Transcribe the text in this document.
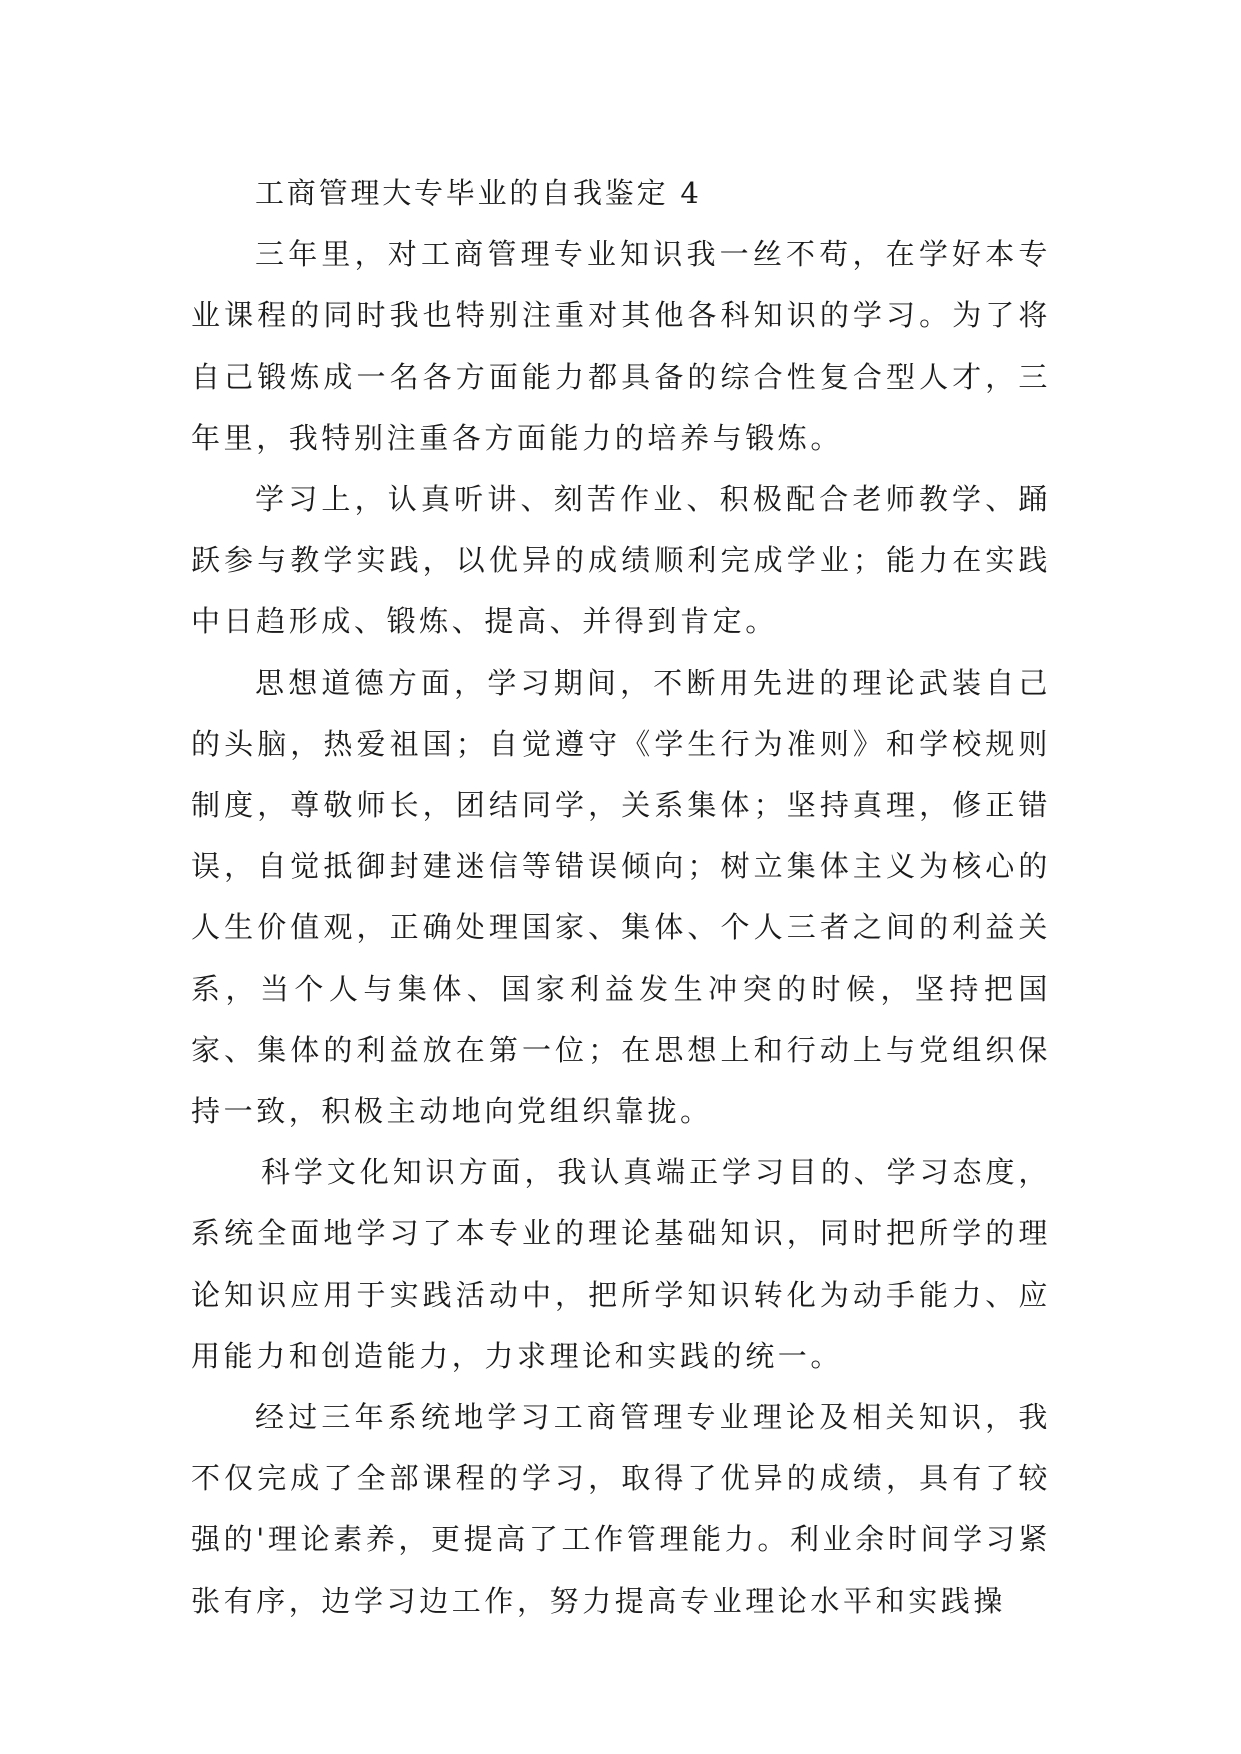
工商管理大专毕业的自我鉴定 4

三年里，对工商管理专业知识我一丝不苟，在学好本专业课程的同时我也特别注重对其他各科知识的学习。为了将自己锻炼成一名各方面能力都具备的综合性复合型人才，三年里，我特别注重各方面能力的培养与锻炼。

学习上，认真听讲、刻苦作业、积极配合老师教学、踊跃参与教学实践，以优异的成绩顺利完成学业；能力在实践中日趋形成、锻炼、提高、并得到肯定。

思想道德方面，学习期间，不断用先进的理论武装自己的头脑，热爱祖国；自觉遵守《学生行为准则》和学校规则制度，尊敬师长，团结同学，关系集体；坚持真理，修正错误，自觉抵御封建迷信等错误倾向；树立集体主义为核心的人生价值观，正确处理国家、集体、个人三者之间的利益关系，当个人与集体、国家利益发生冲突的时候，坚持把国家、集体的利益放在第一位；在思想上和行动上与党组织保持一致，积极主动地向党组织靠拢。

科学文化知识方面，我认真端正学习目的、学习态度，系统全面地学习了本专业的理论基础知识，同时把所学的理论知识应用于实践活动中，把所学知识转化为动手能力、应用能力和创造能力，力求理论和实践的统一。

经过三年系统地学习工商管理专业理论及相关知识，我不仅完成了全部课程的学习，取得了优异的成绩，具有了较强的'理论素养，更提高了工作管理能力。利业余时间学习紧张有序，边学习边工作，努力提高专业理论水平和实践操
